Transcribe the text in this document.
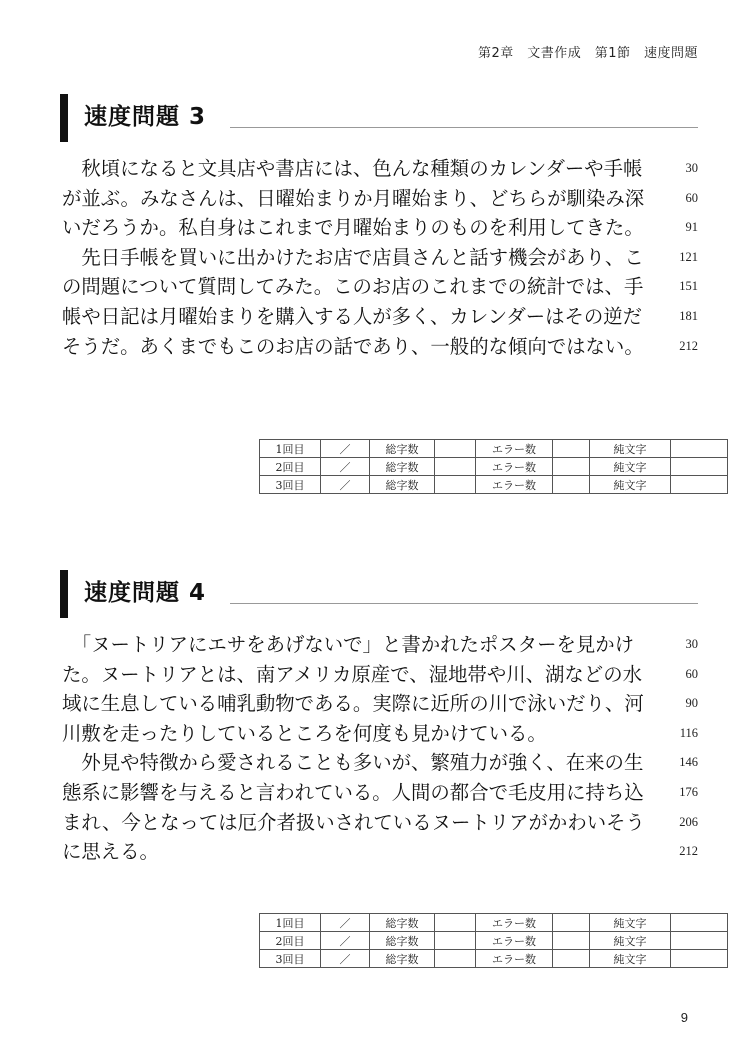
第2章　文書作成　第1節　速度問題
速度問題 3
　秋頃になると文具店や書店には、色んな種類のカレンダーや手帳
が並ぶ。みなさんは、日曜始まりか月曜始まり、どちらが馴染み深
いだろうか。私自身はこれまで月曜始まりのものを利用してきた。
　先日手帳を買いに出かけたお店で店員さんと話す機会があり、こ
の問題について質問してみた。このお店のこれまでの統計では、手
帳や日記は月曜始まりを購入する人が多く、カレンダーはその逆だ
そうだ。あくまでもこのお店の話であり、一般的な傾向ではない。
30
60
91
121
151
181
212
1回目	／	総字数		エラー数		純文字	
2回目	／	総字数		エラー数		純文字	
3回目	／	総字数		エラー数		純文字	
速度問題 4
　「ヌートリアにエサをあげないで」と書かれたポスターを見かけ
た。ヌートリアとは、南アメリカ原産で、湿地帯や川、湖などの水
域に生息している哺乳動物である。実際に近所の川で泳いだり、河
川敷を走ったりしているところを何度も見かけている。
　外見や特徴から愛されることも多いが、繁殖力が強く、在来の生
態系に影響を与えると言われている。人間の都合で毛皮用に持ち込
まれ、今となっては厄介者扱いされているヌートリアがかわいそう
に思える。
30
60
90
116
146
176
206
212
1回目	／	総字数		エラー数		純文字	
2回目	／	総字数		エラー数		純文字	
3回目	／	総字数		エラー数		純文字	
9
